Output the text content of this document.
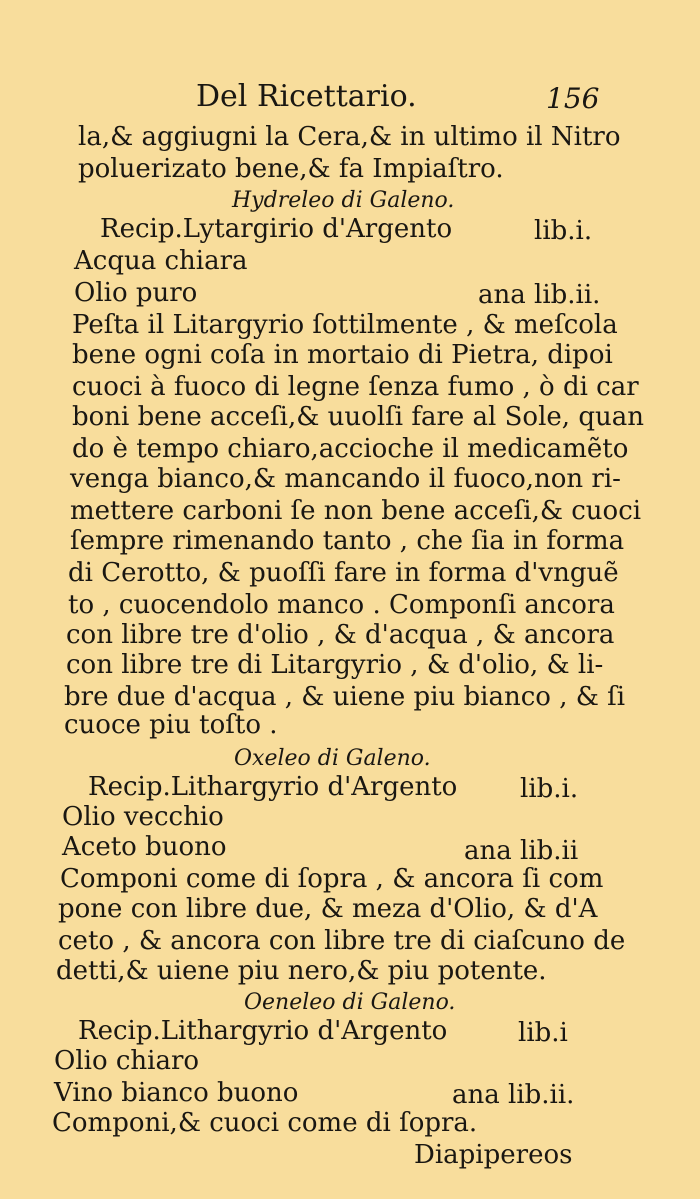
Del Ricettario.	156
la,& aggiugni la Cera,& in ultimo il Nitro
poluerizato bene,& fa Impiaſtro.
Hydreleo di Galeno.
Recip.Lytargirio d'Argento	lib.i.
Acqua chiara
Olio puro	ana lib.ii.
Peſta il Litargyrio ſottilmente , & meſcola
bene ogni coſa in mortaio di Pietra, dipoi
cuoci à fuoco di legne ſenza fumo , ò di car
boni bene acceſi,& uuolſi fare al Sole, quan
do è tempo chiaro,accioche il medicamẽto
venga bianco,& mancando il fuoco,non ri-
mettere carboni ſe non bene acceſi,& cuoci
ſempre rimenando tanto , che ſia in forma
di Cerotto, & puoſſi fare in forma d'vnguẽ
to , cuocendolo manco . Componſi ancora
con libre tre d'olio , & d'acqua , & ancora
con libre tre di Litargyrio , & d'olio, & li-
bre due d'acqua , & uiene piu bianco , & ſi
cuoce piu toſto .
Oxeleo di Galeno.
Recip.Lithargyrio d'Argento lib.i.
Olio vecchio
Aceto buono	ana lib.ii
Componi come di ſopra , & ancora ſi com
pone con libre due, & meza d'Olio, & d'A
ceto , & ancora con libre tre di ciaſcuno de
detti,& uiene piu nero,& piu potente.
Oeneleo di Galeno.
Recip.Lithargyrio d'Argento	lib.i
Olio chiaro
Vino bianco buono	ana lib.ii.
Componi,& cuoci come di ſopra.
Diapipereos
